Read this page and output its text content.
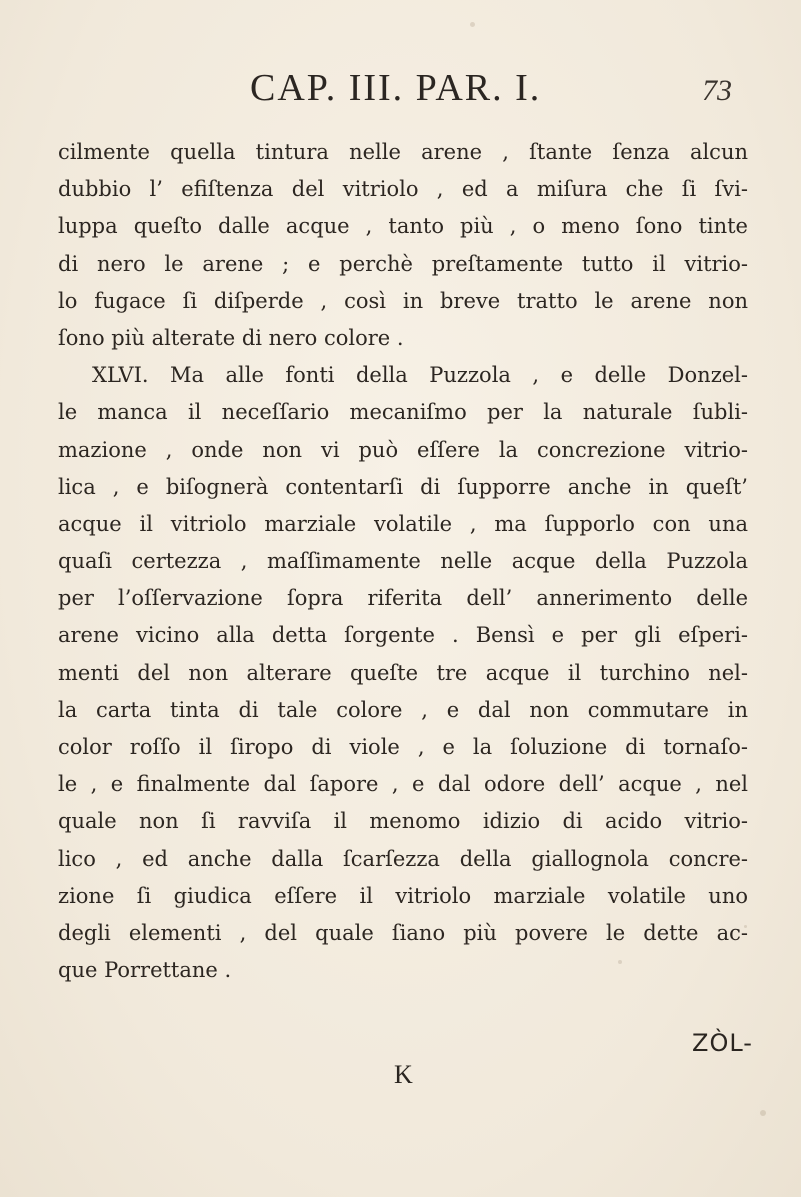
CAP. III. PAR. I.	73
cilmente quella tintura nelle arene , ſtante ſenza alcun
dubbio l’ efiſtenza del vitriolo , ed a miſura che ſi ſvi-
luppa queſto dalle acque , tanto più , o meno ſono tinte
di nero le arene ; e perchè preſtamente tutto il vitrio-
lo fugace ſi diſperde , così in breve tratto le arene non
ſono più alterate di nero colore .
XLVI. Ma alle fonti della Puzzola , e delle Donzel-
le manca il neceſſario mecaniſmo per la naturale ſubli-
mazione , onde non vi può eſſere la concrezione vitrio-
lica , e biſognerà contentarſi di ſupporre anche in queſt’
acque il vitriolo marziale volatile , ma ſupporlo con una
quaſi certezza , maſſimamente nelle acque della Puzzola
per l’oſſervazione ſopra riferita dell’ annerimento delle
arene vicino alla detta ſorgente . Bensì e per gli eſperi-
menti del non alterare queſte tre acque il turchino nel-
la carta tinta di tale colore , e dal non commutare in
color roſſo il ſiropo di viole , e la ſoluzione di tornaſo-
le , e finalmente dal ſapore , e dal odore dell’ acque , nel
quale non ſi ravviſa il menomo idizio di acido vitrio-
lico , ed anche dalla ſcarſezza della giallognola concre-
zione ſi giudica eſſere il vitriolo marziale volatile uno
degli elementi , del quale ſiano più povere le dette ac-
que Porrettane .
ZÒL-
K
